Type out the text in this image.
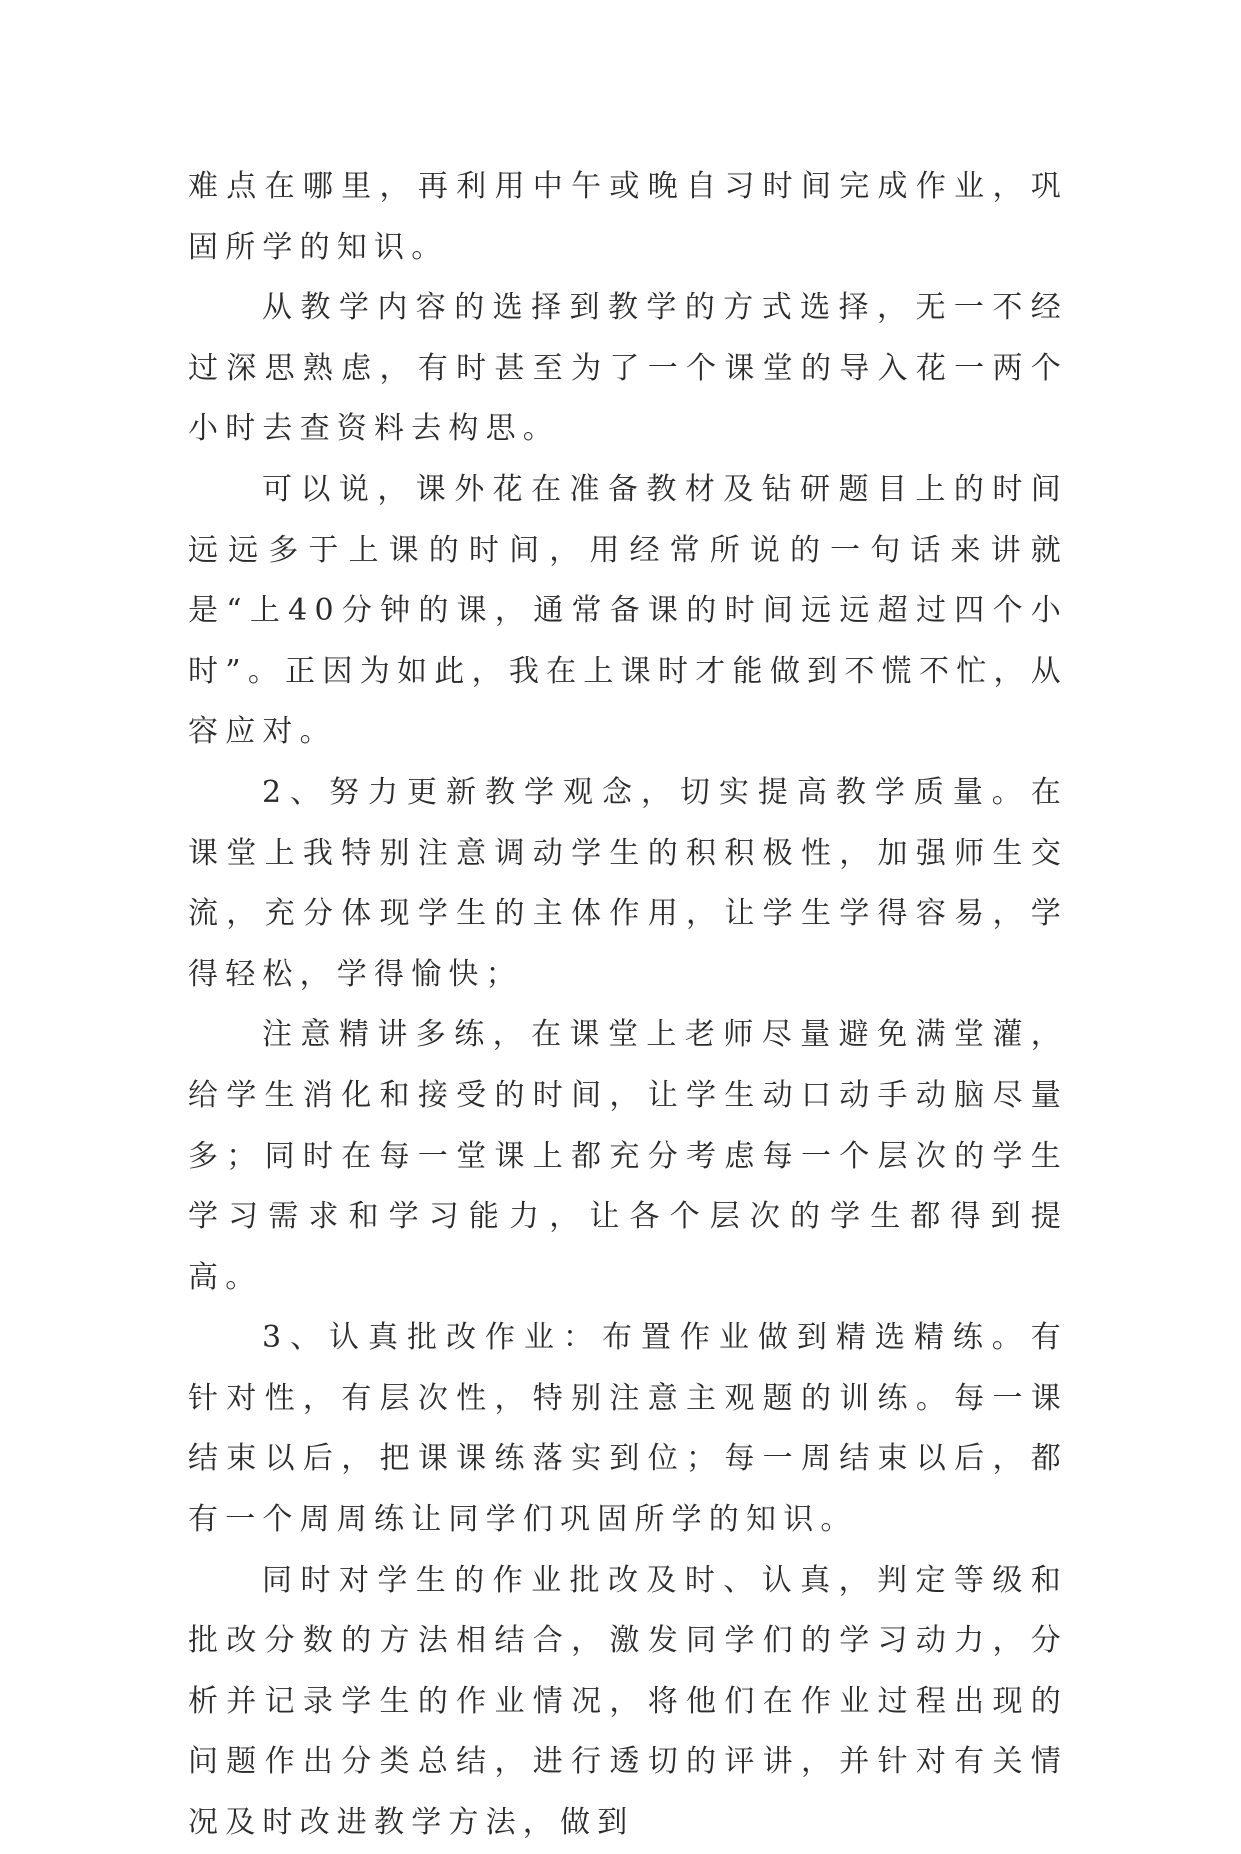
难点在哪里，再利用中午或晚自习时间完成作业，巩固所学的知识。

从教学内容的选择到教学的方式选择，无一不经过深思熟虑，有时甚至为了一个课堂的导入花一两个小时去查资料去构思。

可以说，课外花在准备教材及钻研题目上的时间远远多于上课的时间，用经常所说的一句话来讲就是“上40分钟的课，通常备课的时间远远超过四个小时”。正因为如此，我在上课时才能做到不慌不忙，从容应对。

2、努力更新教学观念，切实提高教学质量。在课堂上我特别注意调动学生的积积极性，加强师生交流，充分体现学生的主体作用，让学生学得容易，学得轻松，学得愉快；

注意精讲多练，在课堂上老师尽量避免满堂灌，给学生消化和接受的时间，让学生动口动手动脑尽量多；同时在每一堂课上都充分考虑每一个层次的学生学习需求和学习能力，让各个层次的学生都得到提高。

3、认真批改作业：布置作业做到精选精练。有针对性，有层次性，特别注意主观题的训练。每一课结束以后，把课课练落实到位；每一周结束以后，都有一个周周练让同学们巩固所学的知识。

同时对学生的作业批改及时、认真，判定等级和批改分数的方法相结合，激发同学们的学习动力，分析并记录学生的作业情况，将他们在作业过程出现的问题作出分类总结，进行透切的评讲，并针对有关情况及时改进教学方法，做到
